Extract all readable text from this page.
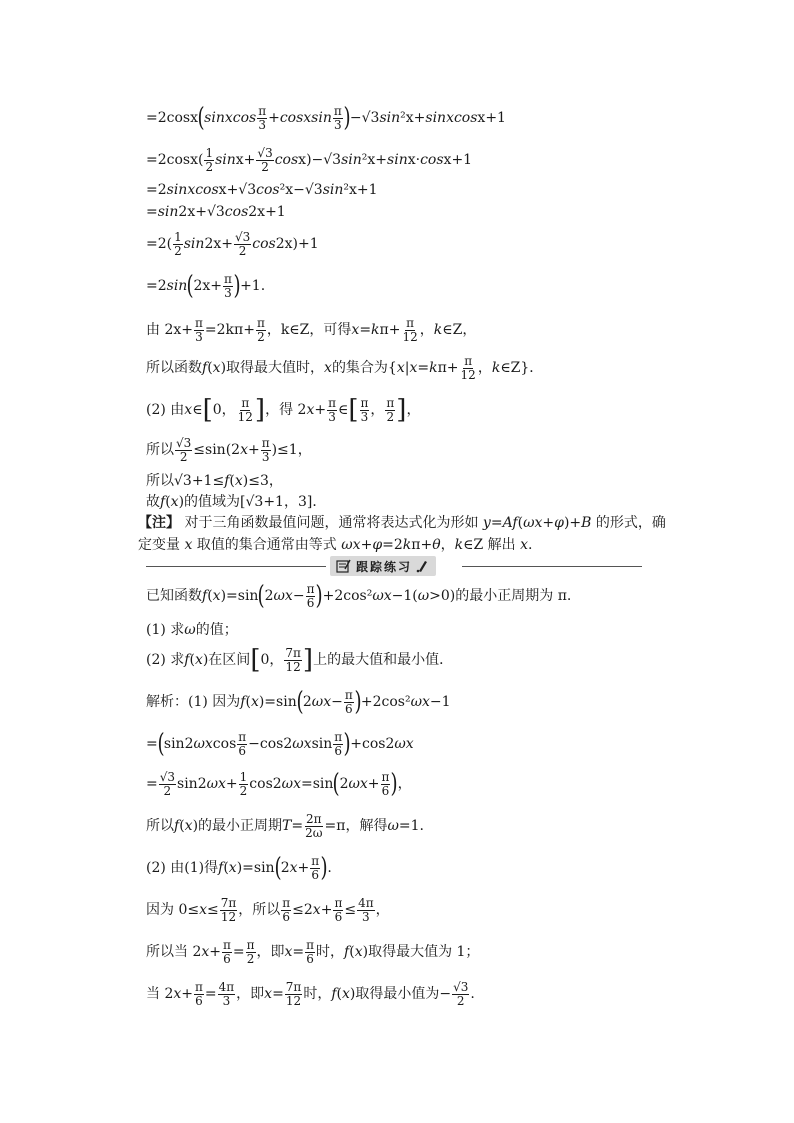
=2cosx ( sinxcos π
3 + cosxsin π
3 ) −√3 sin ²x+ sinxcos x+1
=2cosx( 1
2 sin x+ √3
2 cos x)−√3 sin ²x+ sin x· cos x+1
=2 sinxcos x+√3 cos ²x−√3 sin ²x+1
= sin 2x+√3 cos 2x+1
=2( 1
2 sin 2x+ √3
2 cos 2x)+1
=2 sin ( 2x+ π
3 ) +1.
由 2x+ π
3 =2kπ+ π
2 ，k∈Z，可得 x = k π+ π
12 ， k ∈Z，
所以函数 f ( x )取得最大值时， x 的集合为{ x | x = k π+ π
12 ， k ∈Z}．
(2) 由 x ∈ [ 0， π
12 ] ，得 2 x + π
3 ∈ [ π
3 ， π
2 ] ，
所以 √3
2 ≤sin(2 x + π
3 )≤1，
所以√3+1≤ f ( x )≤3，
故 f ( x )的值域为[√3+1，3]．
【注】 对于三角函数最值问题，通常将表达式化为形如 y=Af(ωx+φ)+B 的形式，确定变量 x 取值的集合通常由等式 ωx+φ=2kπ+θ，k∈Z 解出 x.
跟踪练习
已知函数 f ( x )=sin ( 2 ωx − π
6 ) +2cos² ωx −1( ω >0)的最小正周期为 π.
(1) 求 ω 的值；
(2) 求 f ( x )在区间 [ 0， 7π
12 ] 上的最大值和最小值．
解析：(1) 因为 f ( x )=sin ( 2 ωx − π
6 ) +2cos² ωx −1
= ( sin2 ωx cos π
6 −cos2 ωx sin π
6 ) +cos2 ωx
= √3
2 sin2 ωx + 1
2 cos2 ωx =sin ( 2 ωx + π
6 ) ，
所以 f ( x )的最小正周期 T = 2π
2ω =π，解得 ω =1.
(2) 由(1)得 f ( x )=sin ( 2 x + π
6 ) .
因为 0≤ x ≤ 7π
12 ，所以 π
6 ≤2 x + π
6 ≤ 4π
3 ，
所以当 2 x + π
6 = π
2 ，即 x = π
6 时， f ( x )取得最大值为 1；
当 2 x + π
6 = 4π
3 ，即 x = 7π
12 时， f ( x )取得最小值为− √3
2 .
